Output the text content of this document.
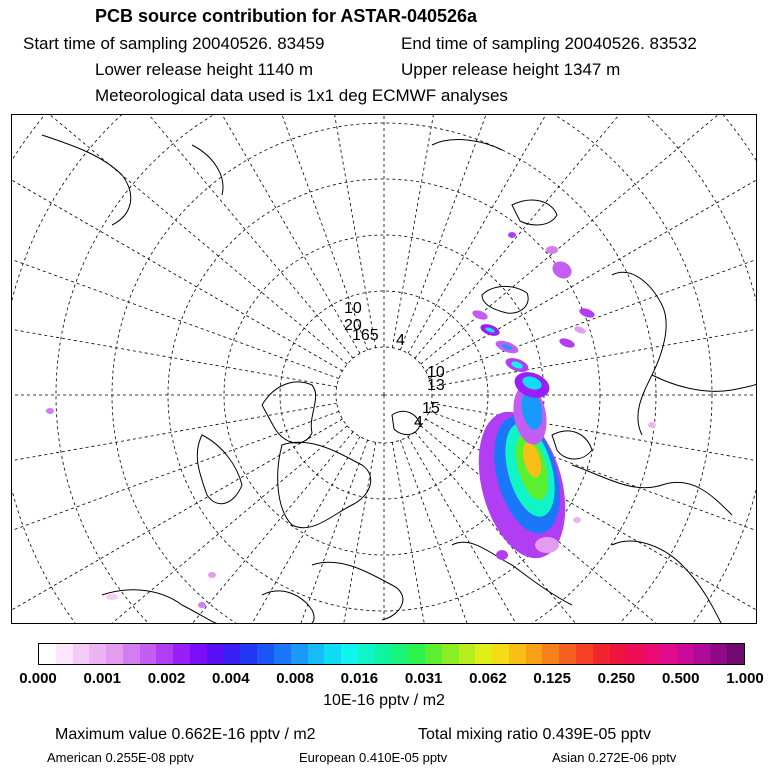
PCB source contribution for ASTAR-040526a
Start time of sampling 20040526. 83459	End time of sampling 20040526. 83532
Lower release height 1140 m	Upper release height 1347 m
Meteorological data used is 1x1 deg ECMWF analyses
10
20
165 4
10
13
15
4
0.000 0.001 0.002 0.004 0.008 0.016 0.031 0.062 0.125 0.250 0.500 1.000
10E-16 pptv / m2
Maximum value 0.662E-16 pptv / m2	Total mixing ratio 0.439E-05 pptv
American 0.255E-08 pptv	European 0.410E-05 pptv	Asian 0.272E-06 pptv
